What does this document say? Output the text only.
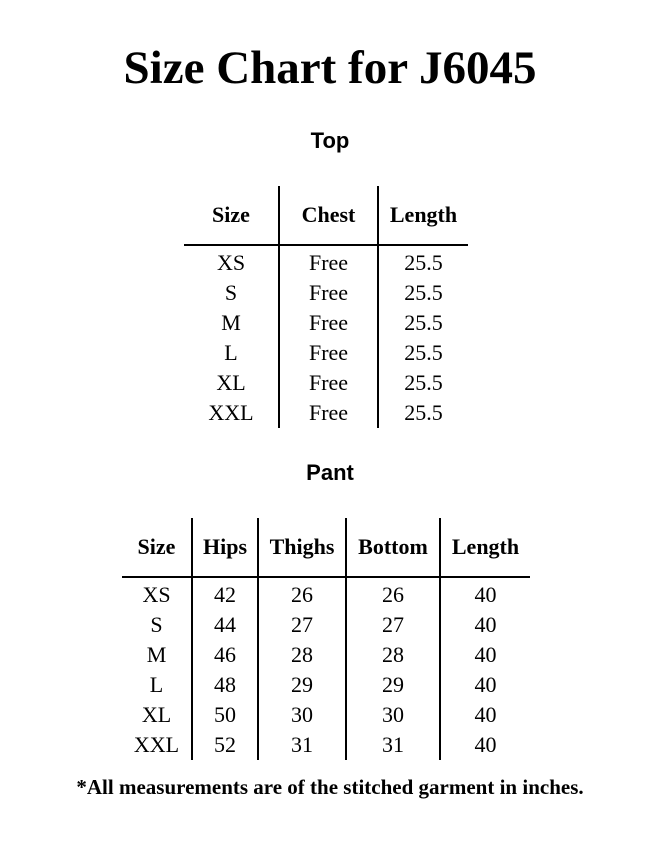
Size Chart for J6045
Top
Size	Chest	Length
XS	Free	25.5
S	Free	25.5
M	Free	25.5
L	Free	25.5
XL	Free	25.5
XXL	Free	25.5
Pant
Size	Hips	Thighs	Bottom	Length
XS	42	26	26	40
S	44	27	27	40
M	46	28	28	40
L	48	29	29	40
XL	50	30	30	40
XXL	52	31	31	40
*All measurements are of the stitched garment in inches.
